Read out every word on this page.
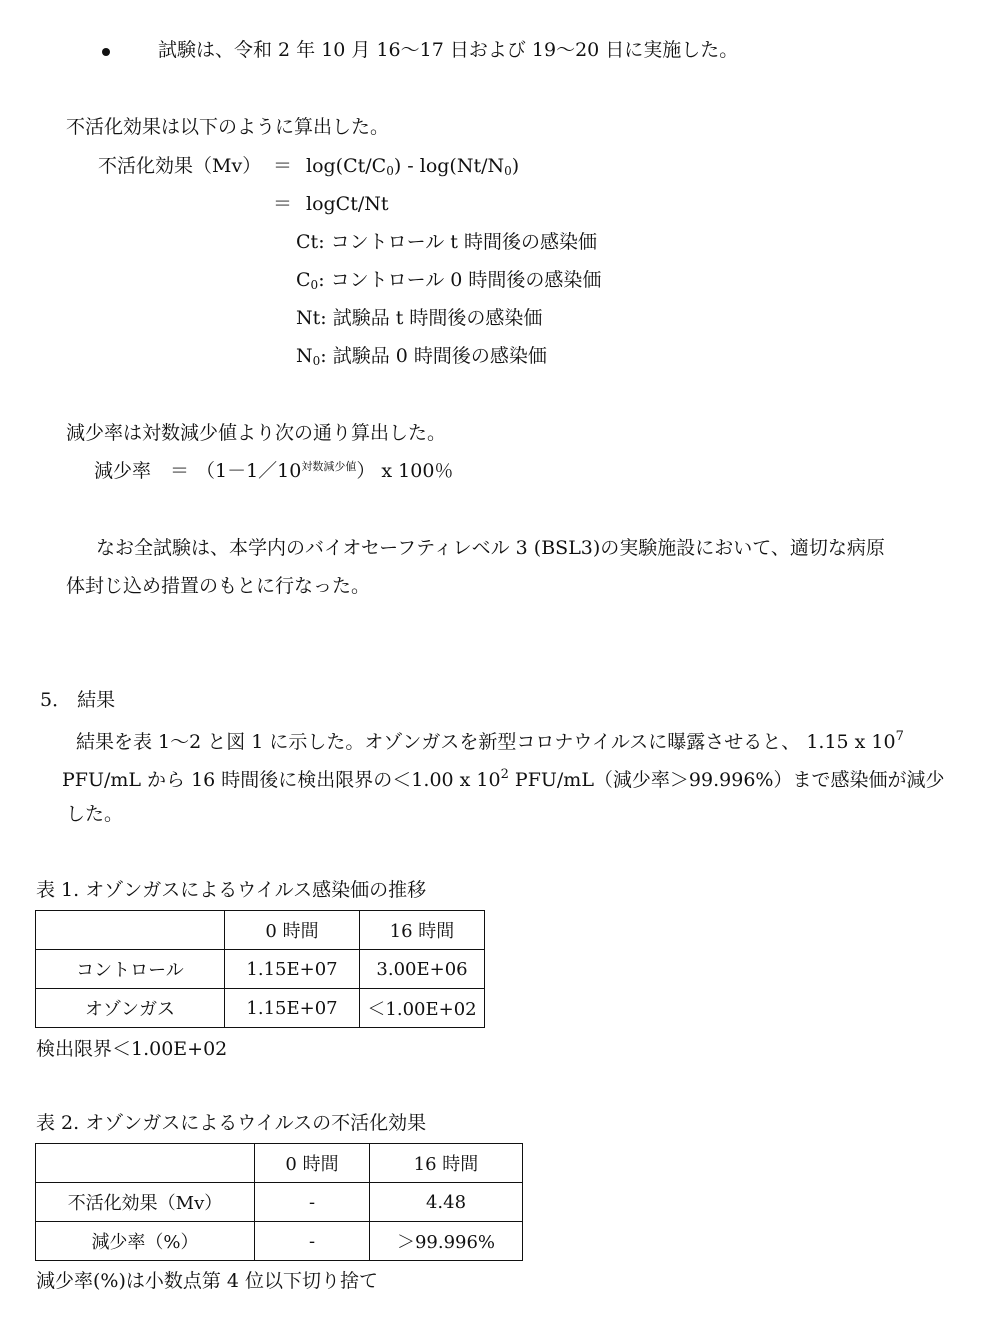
試験は、令和 2 年 10 月 16〜17 日および 19〜20 日に実施した。
不活化効果は以下のように算出した。
不活化効果$(Mv) = \log(Ct/C_0) - \log(Nt/N_0)$
＝ logCt/Nt
Ct: コントロール t 時間後の感染価
$C_0$: コントロール 0 時間後の感染価
Nt: 試験品 t 時間後の感染価
$N_0$: 試験品 0 時間後の感染価
減少率は対数減少値より次の通り算出した。
減少率 ＝ $(1-1/10^{対数減少値})$ x 100％
なお全試験は、本学内のバイオセーフティレベル 3 (BSL3)の実験施設において、適切な病原
体封じ込め措置のもとに行なった。
5． 結果
結果を表 1〜2 と図 1 に示した。オゾンガスを新型コロナウイルスに曝露させると、 1.15 x $10^7$
PFU/mL から 16 時間後に検出限界の＜1.00 x $10^2$ PFU/mL（減少率＞99.996%）まで感染価が減少
した。
表 1. オゾンガスによるウイルス感染価の推移
	0 時間	16 時間
コントロール	1.15E+07	3.00E+06
オゾンガス	1.15E+07	＜1.00E+02
検出限界＜1.00E+02
表 2. オゾンガスによるウイルスの不活化効果
	0 時間	16 時間
不活化効果（Mv）	-	4.48
減少率（%）	-	＞99.996%
減少率(%)は小数点第 4 位以下切り捨て
